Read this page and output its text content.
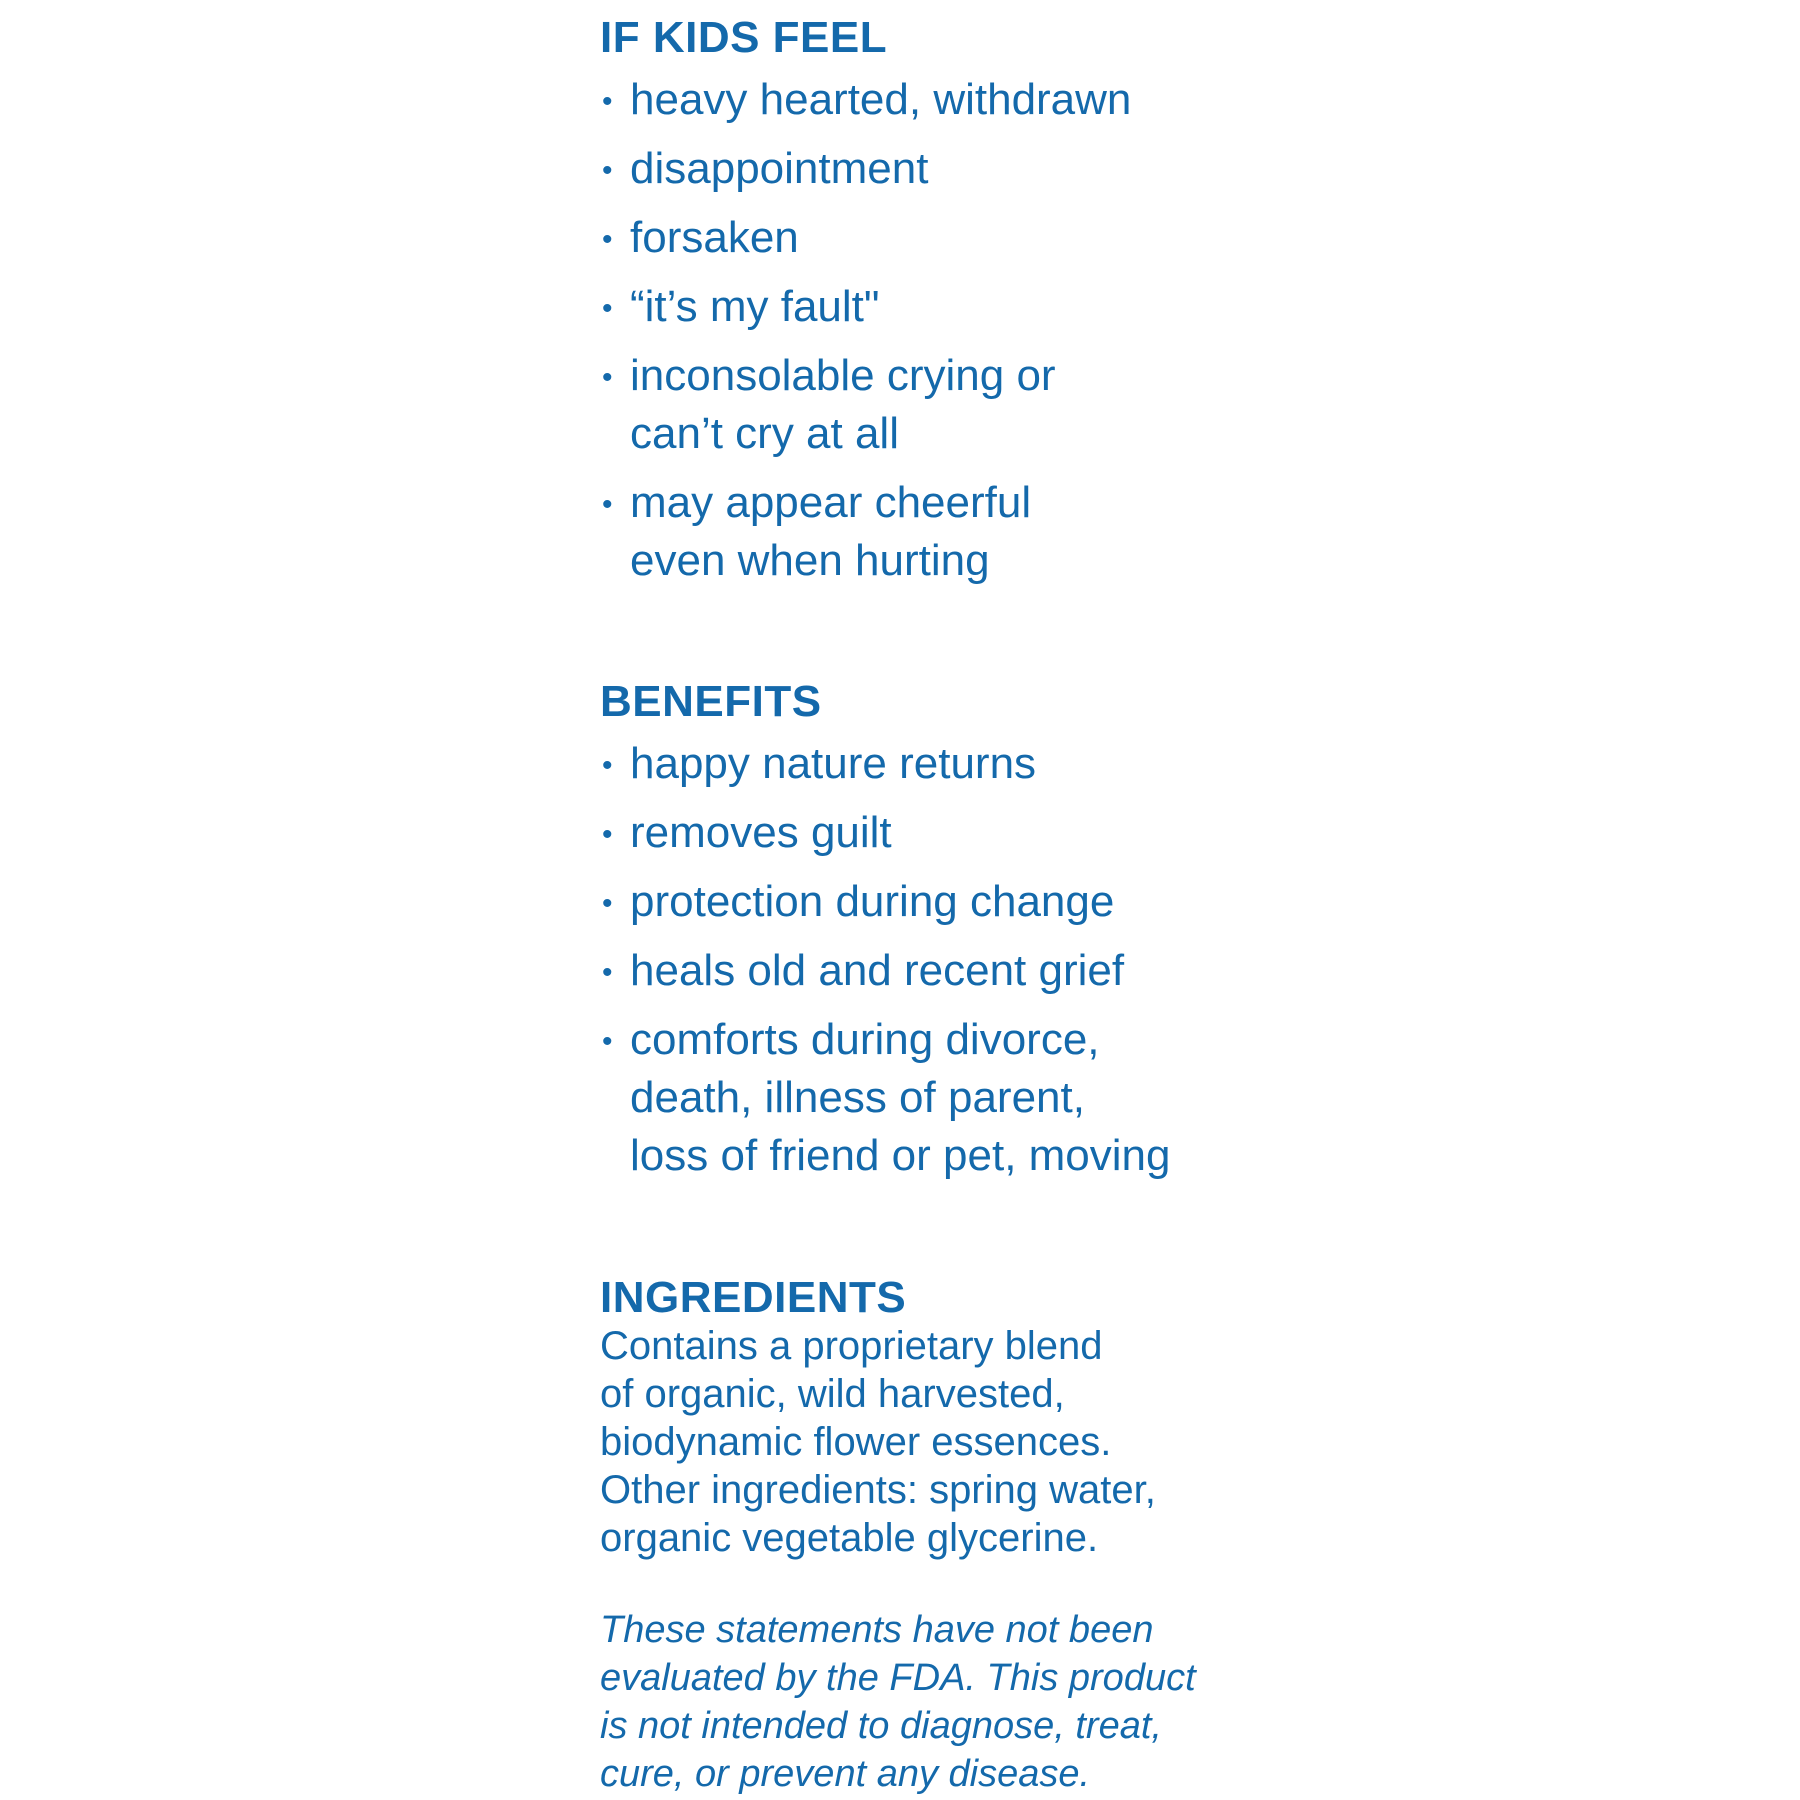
IF KIDS FEEL
• heavy hearted, withdrawn
• disappointment
• forsaken
• “it’s my fault"
• inconsolable crying or
can’t cry at all
• may appear cheerful
even when hurting
BENEFITS
• happy nature returns
• removes guilt
• protection during change
• heals old and recent grief
• comforts during divorce,
death, illness of parent,
loss of friend or pet, moving
INGREDIENTS

Contains a proprietary blend
of organic, wild harvested,
biodynamic flower essences.
Other ingredients: spring water,
organic vegetable glycerine.

These statements have not been
evaluated by the FDA. This product
is not intended to diagnose, treat,
cure, or prevent any disease.
